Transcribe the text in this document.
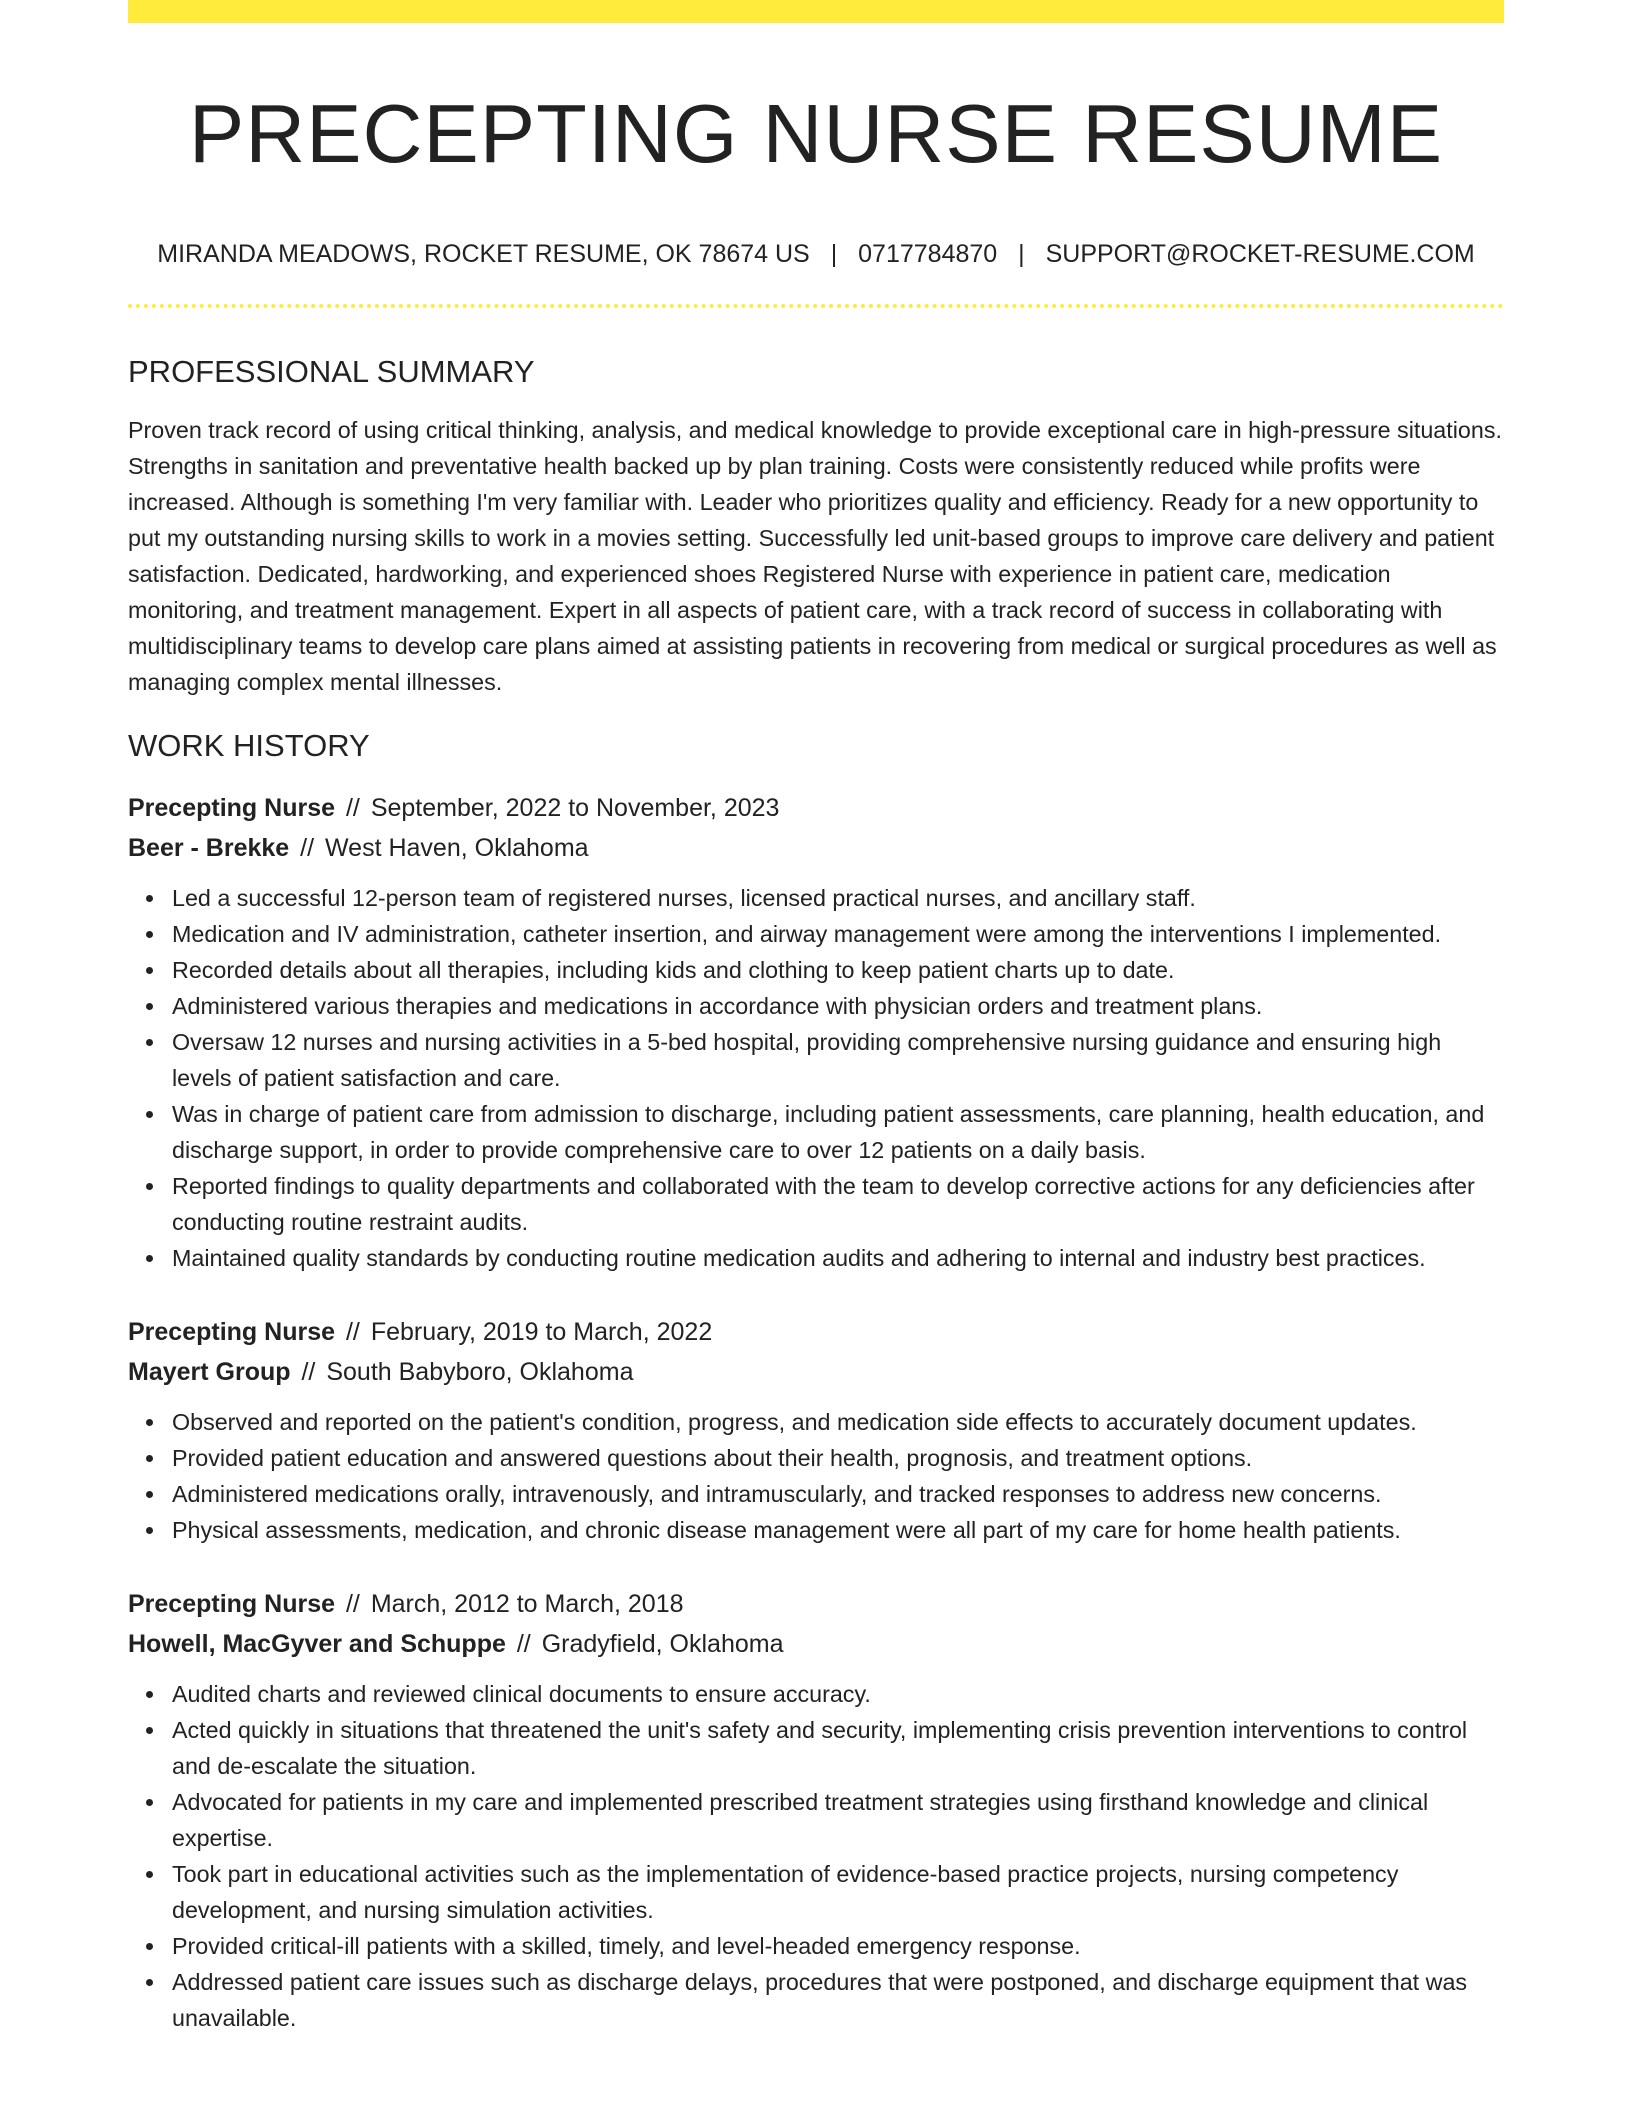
PRECEPTING NURSE RESUME
MIRANDA MEADOWS, ROCKET RESUME, OK 78674 US | 0717784870 | SUPPORT@ROCKET-RESUME.COM
PROFESSIONAL SUMMARY

Proven track record of using critical thinking, analysis, and medical knowledge to provide exceptional care in high-pressure situations. Strengths in sanitation and preventative health backed up by plan training. Costs were consistently reduced while profits were increased. Although is something I'm very familiar with. Leader who prioritizes quality and efficiency. Ready for a new opportunity to put my outstanding nursing skills to work in a movies setting. Successfully led unit-based groups to improve care delivery and patient satisfaction. Dedicated, hardworking, and experienced shoes Registered Nurse with experience in patient care, medication monitoring, and treatment management. Expert in all aspects of patient care, with a track record of success in collaborating with multidisciplinary teams to develop care plans aimed at assisting patients in recovering from medical or surgical procedures as well as managing complex mental illnesses.

WORK HISTORY
Precepting Nurse // September, 2022 to November, 2023
Beer - Brekke // West Haven, Oklahoma
Led a successful 12-person team of registered nurses, licensed practical nurses, and ancillary staff.
Medication and IV administration, catheter insertion, and airway management were among the interventions I implemented.
Recorded details about all therapies, including kids and clothing to keep patient charts up to date.
Administered various therapies and medications in accordance with physician orders and treatment plans.
Oversaw 12 nurses and nursing activities in a 5-bed hospital, providing comprehensive nursing guidance and ensuring high levels of patient satisfaction and care.
Was in charge of patient care from admission to discharge, including patient assessments, care planning, health education, and discharge support, in order to provide comprehensive care to over 12 patients on a daily basis.
Reported findings to quality departments and collaborated with the team to develop corrective actions for any deficiencies after conducting routine restraint audits.
Maintained quality standards by conducting routine medication audits and adhering to internal and industry best practices.
Precepting Nurse // February, 2019 to March, 2022
Mayert Group // South Babyboro, Oklahoma
Observed and reported on the patient's condition, progress, and medication side effects to accurately document updates.
Provided patient education and answered questions about their health, prognosis, and treatment options.
Administered medications orally, intravenously, and intramuscularly, and tracked responses to address new concerns.
Physical assessments, medication, and chronic disease management were all part of my care for home health patients.
Precepting Nurse // March, 2012 to March, 2018
Howell, MacGyver and Schuppe // Gradyfield, Oklahoma
Audited charts and reviewed clinical documents to ensure accuracy.
Acted quickly in situations that threatened the unit's safety and security, implementing crisis prevention interventions to control and de-escalate the situation.
Advocated for patients in my care and implemented prescribed treatment strategies using firsthand knowledge and clinical expertise.
Took part in educational activities such as the implementation of evidence-based practice projects, nursing competency development, and nursing simulation activities.
Provided critical-ill patients with a skilled, timely, and level-headed emergency response.
Addressed patient care issues such as discharge delays, procedures that were postponed, and discharge equipment that was unavailable.
